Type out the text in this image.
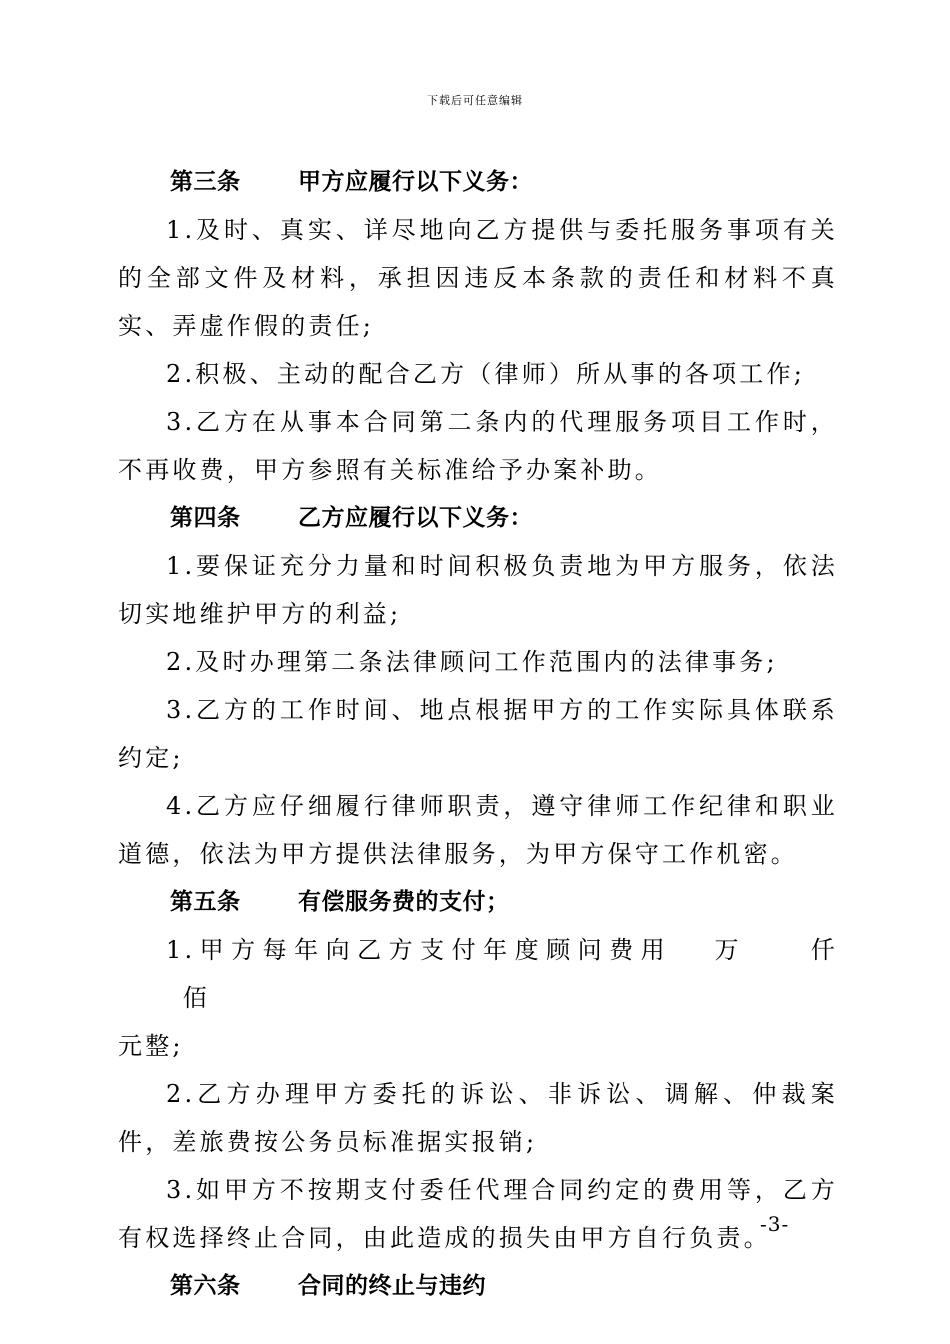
下载后可任意编辑
第三条	甲方应履行以下义务：

1.及时、真实、详尽地向乙方提供与委托服务事项有关的全部文件及材料，承担因违反本条款的责任和材料不真实、弄虚作假的责任;

2.积极、主动的配合乙方（律师）所从事的各项工作;

3.乙方在从事本合同第二条内的代理服务项目工作时，不再收费，甲方参照有关标准给予办案补助。

第四条	乙方应履行以下义务：

1.要保证充分力量和时间积极负责地为甲方服务，依法切实地维护甲方的利益;

2.及时办理第二条法律顾问工作范围内的法律事务;

3.乙方的工作时间、地点根据甲方的工作实际具体联系约定;

4.乙方应仔细履行律师职责，遵守律师工作纪律和职业道德，依法为甲方提供法律服务，为甲方保守工作机密。

第五条	有偿服务费的支付；

1.甲方每年向乙方支付年度顾问费用 万	仟佰
元整;

2.乙方办理甲方委托的诉讼、非诉讼、调解、仲裁案件，差旅费按公务员标准据实报销;

3.如甲方不按期支付委任代理合同约定的费用等，乙方有权选择终止合同，由此造成的损失由甲方自行负责。

第六条	合同的终止与违约
-3-
